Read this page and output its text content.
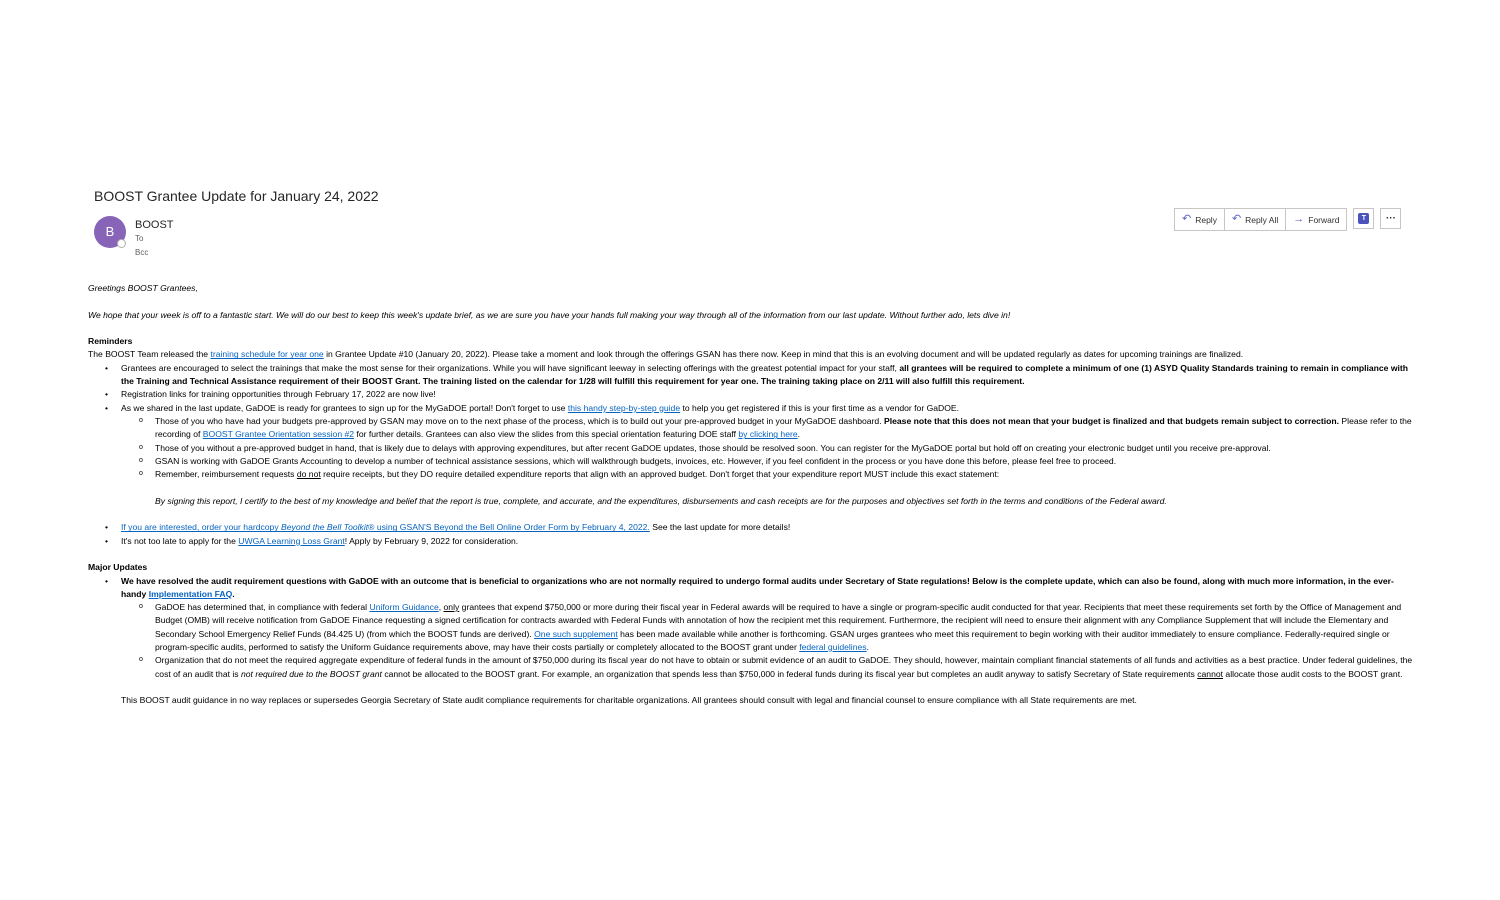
BOOST Grantee Update for January 24, 2022
B	BOOST
To
Bcc
↶ Reply ↶ Reply All → Forward	T	···

Greetings BOOST Grantees,

We hope that your week is off to a fantastic start. We will do our best to keep this week's update brief, as we are sure you have your hands full making your way through all of the information from our last update. Without further ado, lets dive in!

Reminders

The BOOST Team released the training schedule for year one in Grantee Update #10 (January 20, 2022). Please take a moment and look through the offerings GSAN has there now. Keep in mind that this is an evolving document and will be updated regularly as dates for upcoming trainings are finalized.

• Grantees are encouraged to select the trainings that make the most sense for their organizations. While you will have significant leeway in selecting offerings with the greatest potential impact for your staff, all grantees will be required to complete a minimum of one (1) ASYD Quality Standards training to remain in compliance with the Training and Technical Assistance requirement of their BOOST Grant. The training listed on the calendar for 1/28 will fulfill this requirement for year one. The training taking place on 2/11 will also fulfill this requirement.
• Registration links for training opportunities through February 17, 2022 are now live!
• As we shared in the last update, GaDOE is ready for grantees to sign up for the MyGaDOE portal! Don't forget to use this handy step-by-step guide to help you get registered if this is your first time as a vendor for GaDOE.
o Those of you who have had your budgets pre-approved by GSAN may move on to the next phase of the process, which is to build out your pre-approved budget in your MyGaDOE dashboard. Please note that this does not mean that your budget is finalized and that budgets remain subject to correction. Please refer to the recording of BOOST Grantee Orientation session #2 for further details. Grantees can also view the slides from this special orientation featuring DOE staff by clicking here.
o Those of you without a pre-approved budget in hand, that is likely due to delays with approving expenditures, but after recent GaDOE updates, those should be resolved soon. You can register for the MyGaDOE portal but hold off on creating your electronic budget until you receive pre-approval.
o GSAN is working with GaDOE Grants Accounting to develop a number of technical assistance sessions, which will walkthrough budgets, invoices, etc. However, if you feel confident in the process or you have done this before, please feel free to proceed.
o Remember, reimbursement requests do not require receipts, but they DO require detailed expenditure reports that align with an approved budget. Don't forget that your expenditure report MUST include this exact statement:

By signing this report, I certify to the best of my knowledge and belief that the report is true, complete, and accurate, and the expenditures, disbursements and cash receipts are for the purposes and objectives set forth in the terms and conditions of the Federal award.

• If you are interested, order your hardcopy Beyond the Bell Toolkit® using GSAN'S Beyond the Bell Online Order Form by February 4, 2022. See the last update for more details!
• It's not too late to apply for the UWGA Learning Loss Grant! Apply by February 9, 2022 for consideration.

Major Updates

• We have resolved the audit requirement questions with GaDOE with an outcome that is beneficial to organizations who are not normally required to undergo formal audits under Secretary of State regulations! Below is the complete update, which can also be found, along with much more information, in the ever-handy Implementation FAQ.
o GaDOE has determined that, in compliance with federal Uniform Guidance, only grantees that expend $750,000 or more during their fiscal year in Federal awards will be required to have a single or program-specific audit conducted for that year. Recipients that meet these requirements set forth by the Office of Management and Budget (OMB) will receive notification from GaDOE Finance requesting a signed certification for contracts awarded with Federal Funds with annotation of how the recipient met this requirement. Furthermore, the recipient will need to ensure their alignment with any Compliance Supplement that will include the Elementary and Secondary School Emergency Relief Funds (84.425 U) (from which the BOOST funds are derived). One such supplement has been made available while another is forthcoming. GSAN urges grantees who meet this requirement to begin working with their auditor immediately to ensure compliance. Federally-required single or program-specific audits, performed to satisfy the Uniform Guidance requirements above, may have their costs partially or completely allocated to the BOOST grant under federal guidelines.
o Organization that do not meet the required aggregate expenditure of federal funds in the amount of $750,000 during its fiscal year do not have to obtain or submit evidence of an audit to GaDOE. They should, however, maintain compliant financial statements of all funds and activities as a best practice. Under federal guidelines, the cost of an audit that is not required due to the BOOST grant cannot be allocated to the BOOST grant. For example, an organization that spends less than $750,000 in federal funds during its fiscal year but completes an audit anyway to satisfy Secretary of State requirements cannot allocate those audit costs to the BOOST grant.

This BOOST audit guidance in no way replaces or supersedes Georgia Secretary of State audit compliance requirements for charitable organizations. All grantees should consult with legal and financial counsel to ensure compliance with all State requirements are met.
